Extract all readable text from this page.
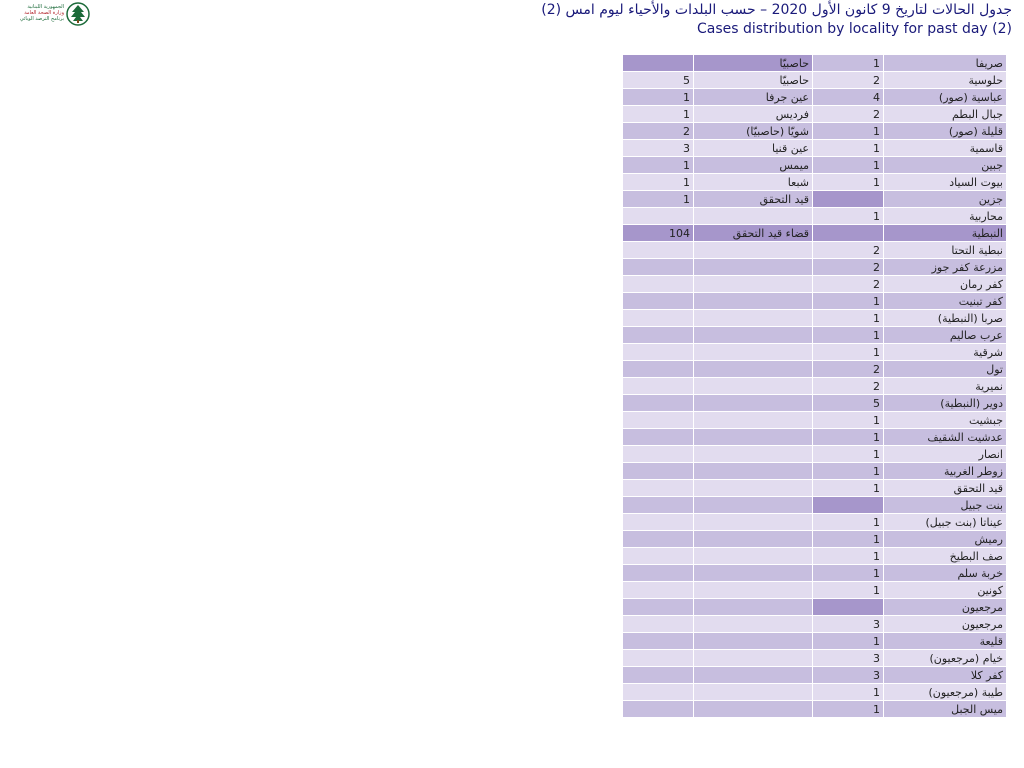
الجمهورية اللبنانية
وزارة الصحة العامة
برنامج الترصد الوبائي
جدول الحالات لتاريخ 9 كانون الأول 2020 – حسب البلدات والأحياء ليوم امس (2)
Cases distribution by locality for past day (2)
	حاصبيّا	1	صريفا
5	حاصبيّا	2	حلوسية
1	عين جرفا	4	عباسية (صور)
1	فرديس	2	جبال البطم
2	شويّا (حاصبيّا)	1	قليلة (صور)
3	عين قنيا	1	قاسمية
1	ميمس	1	جبين
1	شبعا	1	بيوت السياد
1	قيد التحقق		جزين
		1	محاربية
104	قضاء قيد التحقق		النبطية
		2	نبطية التحتا
		2	مزرعة كفر جوز
		2	كفر رمان
		1	كفر تبنيت
		1	صربا (النبطية)
		1	عرب صاليم
		1	شرقية
		2	تول
		2	نميرية
		5	دوير (النبطية)
		1	جبشيت
		1	عدشيت الشقيف
		1	انصار
		1	زوطر الغربية
		1	قيد التحقق
			بنت جبيل
		1	عيناتا (بنت جبيل)
		1	رميش
		1	صف البطيخ
		1	خربة سلم
		1	كونين
			مرجعيون
		3	مرجعيون
		1	قليعة
		3	خيام (مرجعيون)
		3	كفر كلا
		1	طيبة (مرجعيون)
		1	ميس الجبل
